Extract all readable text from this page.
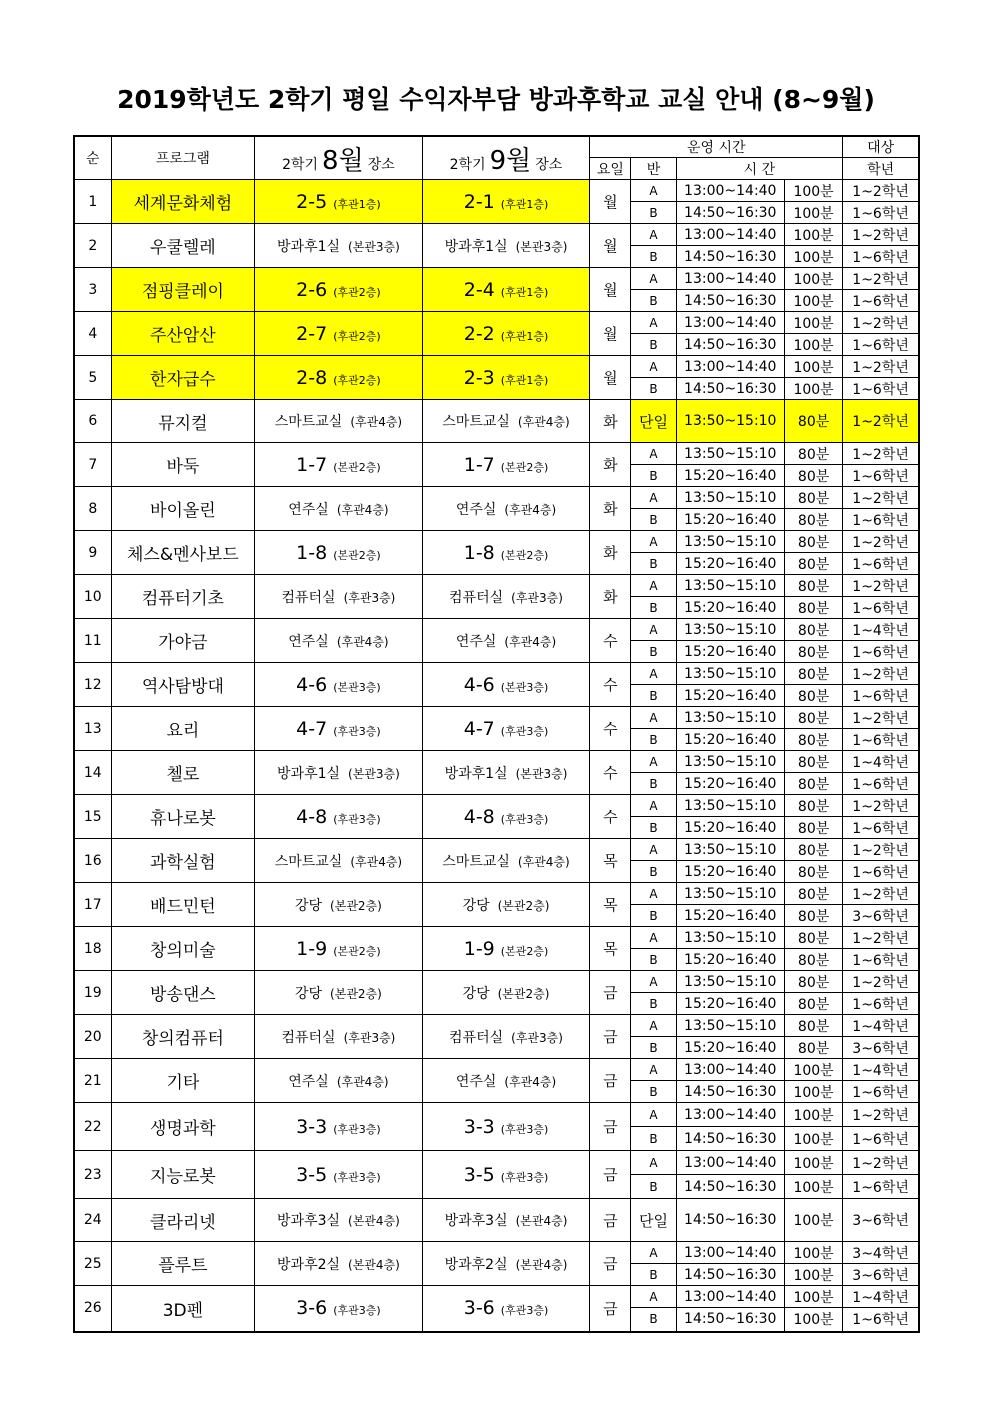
2019학년도 2학기 평일 수익자부담 방과후학교 교실 안내 (8~9월)
순	프로그램	2학기 8월 장소	2학기 9월 장소	운영 시간				대상
				요일	반	시 간		학년
1	세계문화체험	2-5 (후관1층)	2-1 (후관1층)	월	A	13:00~14:40	100분	1~2학년
					B	14:50~16:30	100분	1~6학년
2	우쿨렐레	방과후1실 (본관3층)	방과후1실 (본관3층)	월	A	13:00~14:40	100분	1~2학년
					B	14:50~16:30	100분	1~6학년
3	점핑클레이	2-6 (후관2층)	2-4 (후관1층)	월	A	13:00~14:40	100분	1~2학년
					B	14:50~16:30	100분	1~6학년
4	주산암산	2-7 (후관2층)	2-2 (후관1층)	월	A	13:00~14:40	100분	1~2학년
					B	14:50~16:30	100분	1~6학년
5	한자급수	2-8 (후관2층)	2-3 (후관1층)	월	A	13:00~14:40	100분	1~2학년
					B	14:50~16:30	100분	1~6학년
6	뮤지컬	스마트교실 (후관4층)	스마트교실 (후관4층)	화	단일	13:50~15:10	80분	1~2학년
7	바둑	1-7 (본관2층)	1-7 (본관2층)	화	A	13:50~15:10	80분	1~2학년
					B	15:20~16:40	80분	1~6학년
8	바이올린	연주실 (후관4층)	연주실 (후관4층)	화	A	13:50~15:10	80분	1~2학년
					B	15:20~16:40	80분	1~6학년
9	체스&멘사보드	1-8 (본관2층)	1-8 (본관2층)	화	A	13:50~15:10	80분	1~2학년
					B	15:20~16:40	80분	1~6학년
10	컴퓨터기초	컴퓨터실 (후관3층)	컴퓨터실 (후관3층)	화	A	13:50~15:10	80분	1~2학년
					B	15:20~16:40	80분	1~6학년
11	가야금	연주실 (후관4층)	연주실 (후관4층)	수	A	13:50~15:10	80분	1~4학년
					B	15:20~16:40	80분	1~6학년
12	역사탐방대	4-6 (본관3층)	4-6 (본관3층)	수	A	13:50~15:10	80분	1~2학년
					B	15:20~16:40	80분	1~6학년
13	요리	4-7 (후관3층)	4-7 (후관3층)	수	A	13:50~15:10	80분	1~2학년
					B	15:20~16:40	80분	1~6학년
14	첼로	방과후1실 (본관3층)	방과후1실 (본관3층)	수	A	13:50~15:10	80분	1~4학년
					B	15:20~16:40	80분	1~6학년
15	휴나로봇	4-8 (후관3층)	4-8 (후관3층)	수	A	13:50~15:10	80분	1~2학년
					B	15:20~16:40	80분	1~6학년
16	과학실험	스마트교실 (후관4층)	스마트교실 (후관4층)	목	A	13:50~15:10	80분	1~2학년
					B	15:20~16:40	80분	1~6학년
17	배드민턴	강당 (본관2층)	강당 (본관2층)	목	A	13:50~15:10	80분	1~2학년
					B	15:20~16:40	80분	3~6학년
18	창의미술	1-9 (본관2층)	1-9 (본관2층)	목	A	13:50~15:10	80분	1~2학년
					B	15:20~16:40	80분	1~6학년
19	방송댄스	강당 (본관2층)	강당 (본관2층)	금	A	13:50~15:10	80분	1~2학년
					B	15:20~16:40	80분	1~6학년
20	창의컴퓨터	컴퓨터실 (후관3층)	컴퓨터실 (후관3층)	금	A	13:50~15:10	80분	1~4학년
					B	15:20~16:40	80분	3~6학년
21	기타	연주실 (후관4층)	연주실 (후관4층)	금	A	13:00~14:40	100분	1~4학년
					B	14:50~16:30	100분	1~6학년
22	생명과학	3-3 (후관3층)	3-3 (후관3층)	금	A	13:00~14:40	100분	1~2학년
					B	14:50~16:30	100분	1~6학년
23	지능로봇	3-5 (후관3층)	3-5 (후관3층)	금	A	13:00~14:40	100분	1~2학년
					B	14:50~16:30	100분	1~6학년
24	클라리넷	방과후3실 (본관4층)	방과후3실 (본관4층)	금	단일	14:50~16:30	100분	3~6학년
25	플루트	방과후2실 (본관4층)	방과후2실 (본관4층)	금	A	13:00~14:40	100분	3~4학년
					B	14:50~16:30	100분	3~6학년
26	3D펜	3-6 (후관3층)	3-6 (후관3층)	금	A	13:00~14:40	100분	1~4학년
					B	14:50~16:30	100분	1~6학년
